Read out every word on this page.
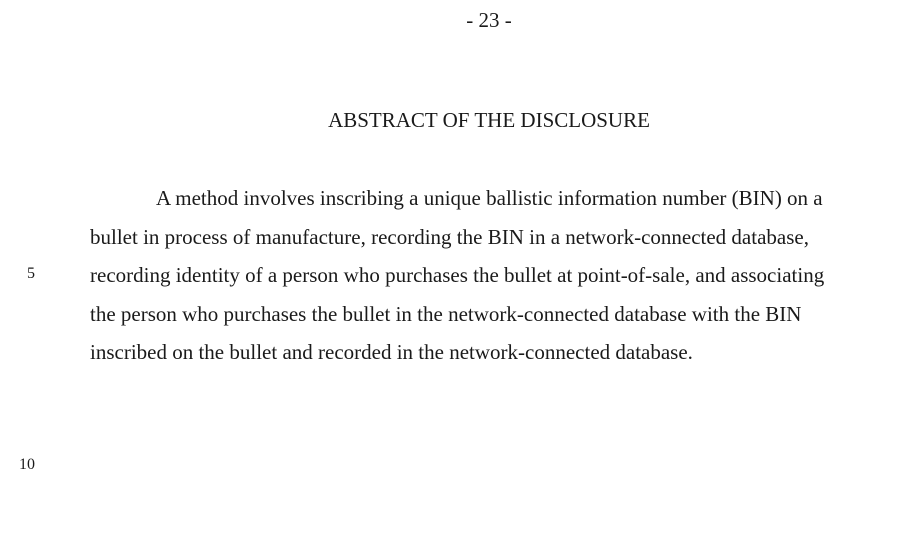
- 23 -
ABSTRACT OF THE DISCLOSURE

A method involves inscribing a unique ballistic information number (BIN) on a
bullet in process of manufacture, recording the BIN in a network-connected database,
recording identity of a person who purchases the bullet at point-of-sale, and associating
the person who purchases the bullet in the network-connected database with the BIN
inscribed on the bullet and recorded in the network-connected database.

5
10
